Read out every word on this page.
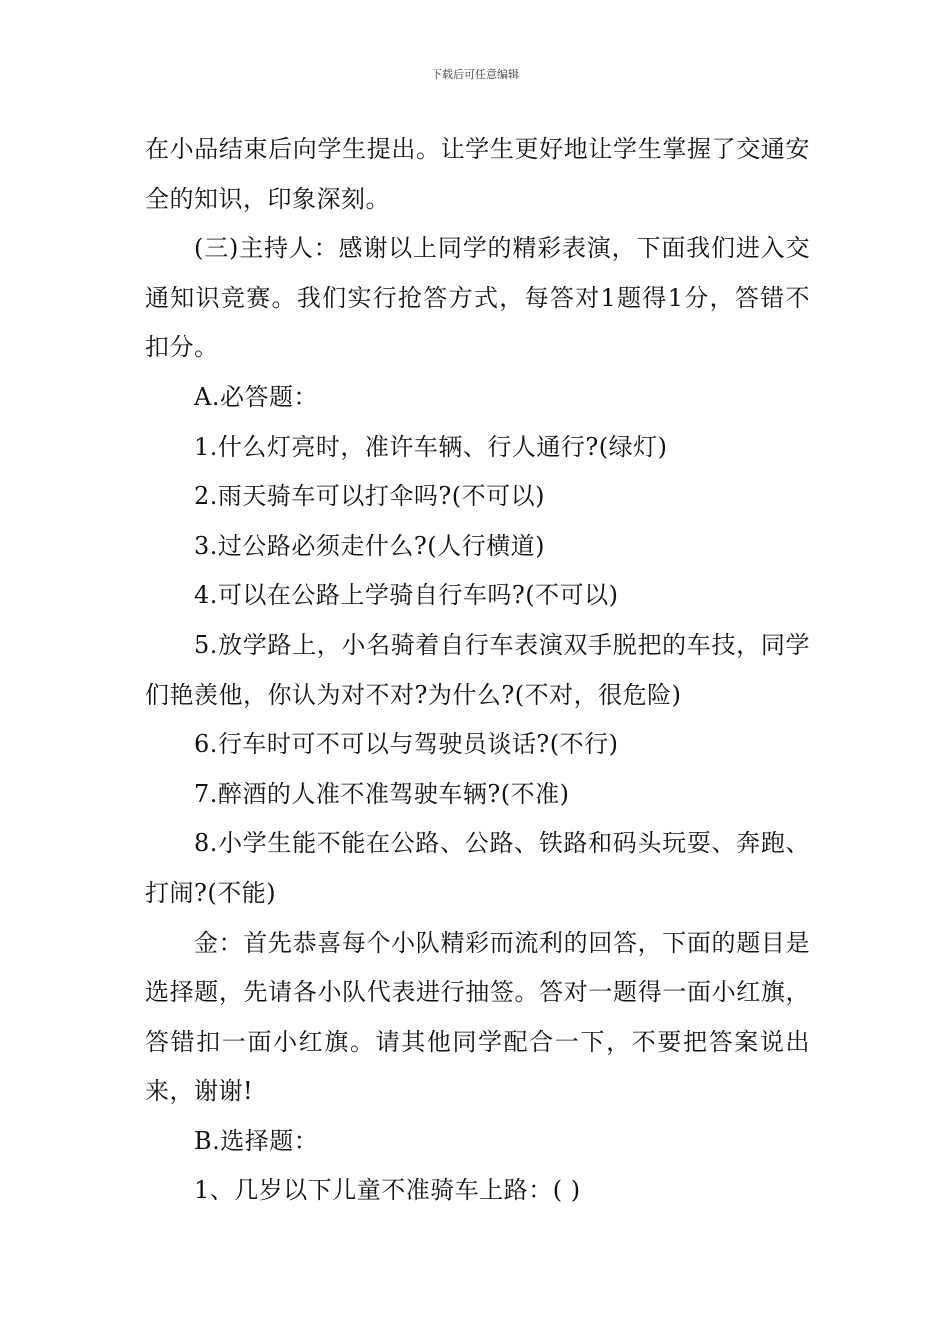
下载后可任意编辑

在小品结束后向学生提出。让学生更好地让学生掌握了交通安全的知识，印象深刻。

(三)主持人：感谢以上同学的精彩表演，下面我们进入交通知识竞赛。我们实行抢答方式，每答对1题得1分，答错不扣分。

A.必答题：

1.什么灯亮时，准许车辆、行人通行?(绿灯)

2.雨天骑车可以打伞吗?(不可以)

3.过公路必须走什么?(人行横道)

4.可以在公路上学骑自行车吗?(不可以)

5.放学路上，小名骑着自行车表演双手脱把的车技，同学们艳羡他，你认为对不对?为什么?(不对，很危险)

6.行车时可不可以与驾驶员谈话?(不行)

7.醉酒的人准不准驾驶车辆?(不准)

8.小学生能不能在公路、公路、铁路和码头玩耍、奔跑、打闹?(不能)

金：首先恭喜每个小队精彩而流利的回答，下面的题目是选择题，先请各小队代表进行抽签。答对一题得一面小红旗，答错扣一面小红旗。请其他同学配合一下，不要把答案说出来，谢谢!

B.选择题：

1、几岁以下儿童不准骑车上路：( )
